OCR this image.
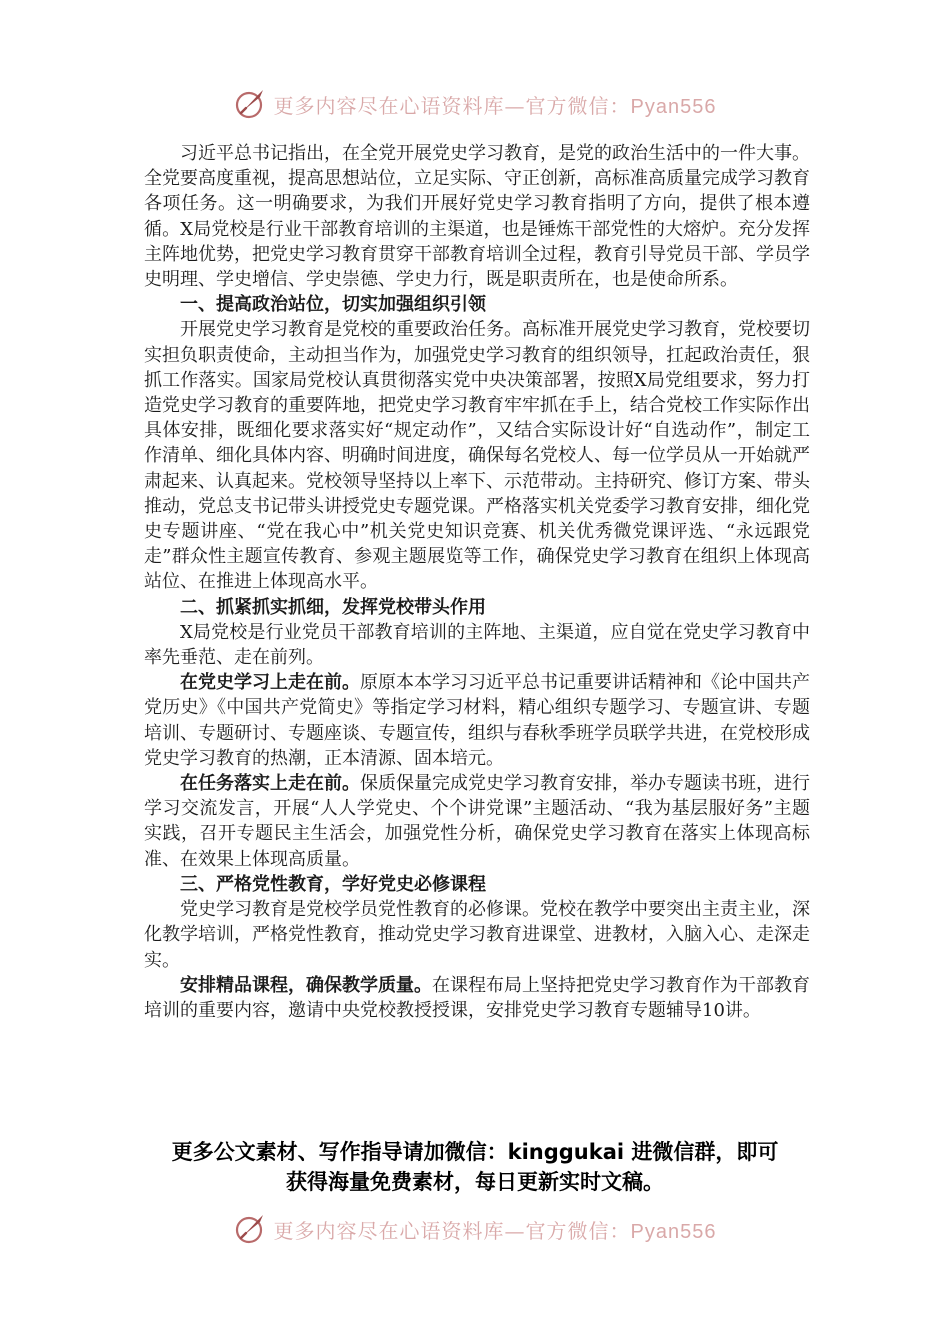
更多内容尽在心语资料库—官方微信：Pyan556

习近平总书记指出，在全党开展党史学习教育，是党的政治生活中的一件大事。全党要高度重视，提高思想站位，立足实际、守正创新，高标准高质量完成学习教育各项任务。这一明确要求，为我们开展好党史学习教育指明了方向，提供了根本遵循。X局党校是行业干部教育培训的主渠道，也是锤炼干部党性的大熔炉。充分发挥主阵地优势，把党史学习教育贯穿干部教育培训全过程，教育引导党员干部、学员学史明理、学史增信、学史崇德、学史力行，既是职责所在，也是使命所系。

一、提高政治站位，切实加强组织引领

开展党史学习教育是党校的重要政治任务。高标准开展党史学习教育，党校要切实担负职责使命，主动担当作为，加强党史学习教育的组织领导，扛起政治责任，狠抓工作落实。国家局党校认真贯彻落实党中央决策部署，按照X局党组要求，努力打造党史学习教育的重要阵地，把党史学习教育牢牢抓在手上，结合党校工作实际作出具体安排，既细化要求落实好“规定动作”，又结合实际设计好“自选动作”，制定工作清单、细化具体内容、明确时间进度，确保每名党校人、每一位学员从一开始就严肃起来、认真起来。党校领导坚持以上率下、示范带动。主持研究、修订方案、带头推动，党总支书记带头讲授党史专题党课。严格落实机关党委学习教育安排，细化党史专题讲座、“党在我心中”机关党史知识竞赛、机关优秀微党课评选、“永远跟党走”群众性主题宣传教育、参观主题展览等工作，确保党史学习教育在组织上体现高站位、在推进上体现高水平。

二、抓紧抓实抓细，发挥党校带头作用

X局党校是行业党员干部教育培训的主阵地、主渠道，应自觉在党史学习教育中率先垂范、走在前列。

在党史学习上走在前。原原本本学习习近平总书记重要讲话精神和《论中国共产党历史》《中国共产党简史》等指定学习材料，精心组织专题学习、专题宣讲、专题培训、专题研讨、专题座谈、专题宣传，组织与春秋季班学员联学共进，在党校形成党史学习教育的热潮，正本清源、固本培元。

在任务落实上走在前。保质保量完成党史学习教育安排，举办专题读书班，进行学习交流发言，开展“人人学党史、个个讲党课”主题活动、“我为基层服好务”主题实践，召开专题民主生活会，加强党性分析，确保党史学习教育在落实上体现高标准、在效果上体现高质量。

三、严格党性教育，学好党史必修课程

党史学习教育是党校学员党性教育的必修课。党校在教学中要突出主责主业，深化教学培训，严格党性教育，推动党史学习教育进课堂、进教材，入脑入心、走深走实。

安排精品课程，确保教学质量。在课程布局上坚持把党史学习教育作为干部教育培训的重要内容，邀请中央党校教授授课，安排党史学习教育专题辅导10讲。

更多公文素材、写作指导请加微信：kinggukai 进微信群，即可
获得海量免费素材，每日更新实时文稿。
更多内容尽在心语资料库—官方微信：Pyan556
